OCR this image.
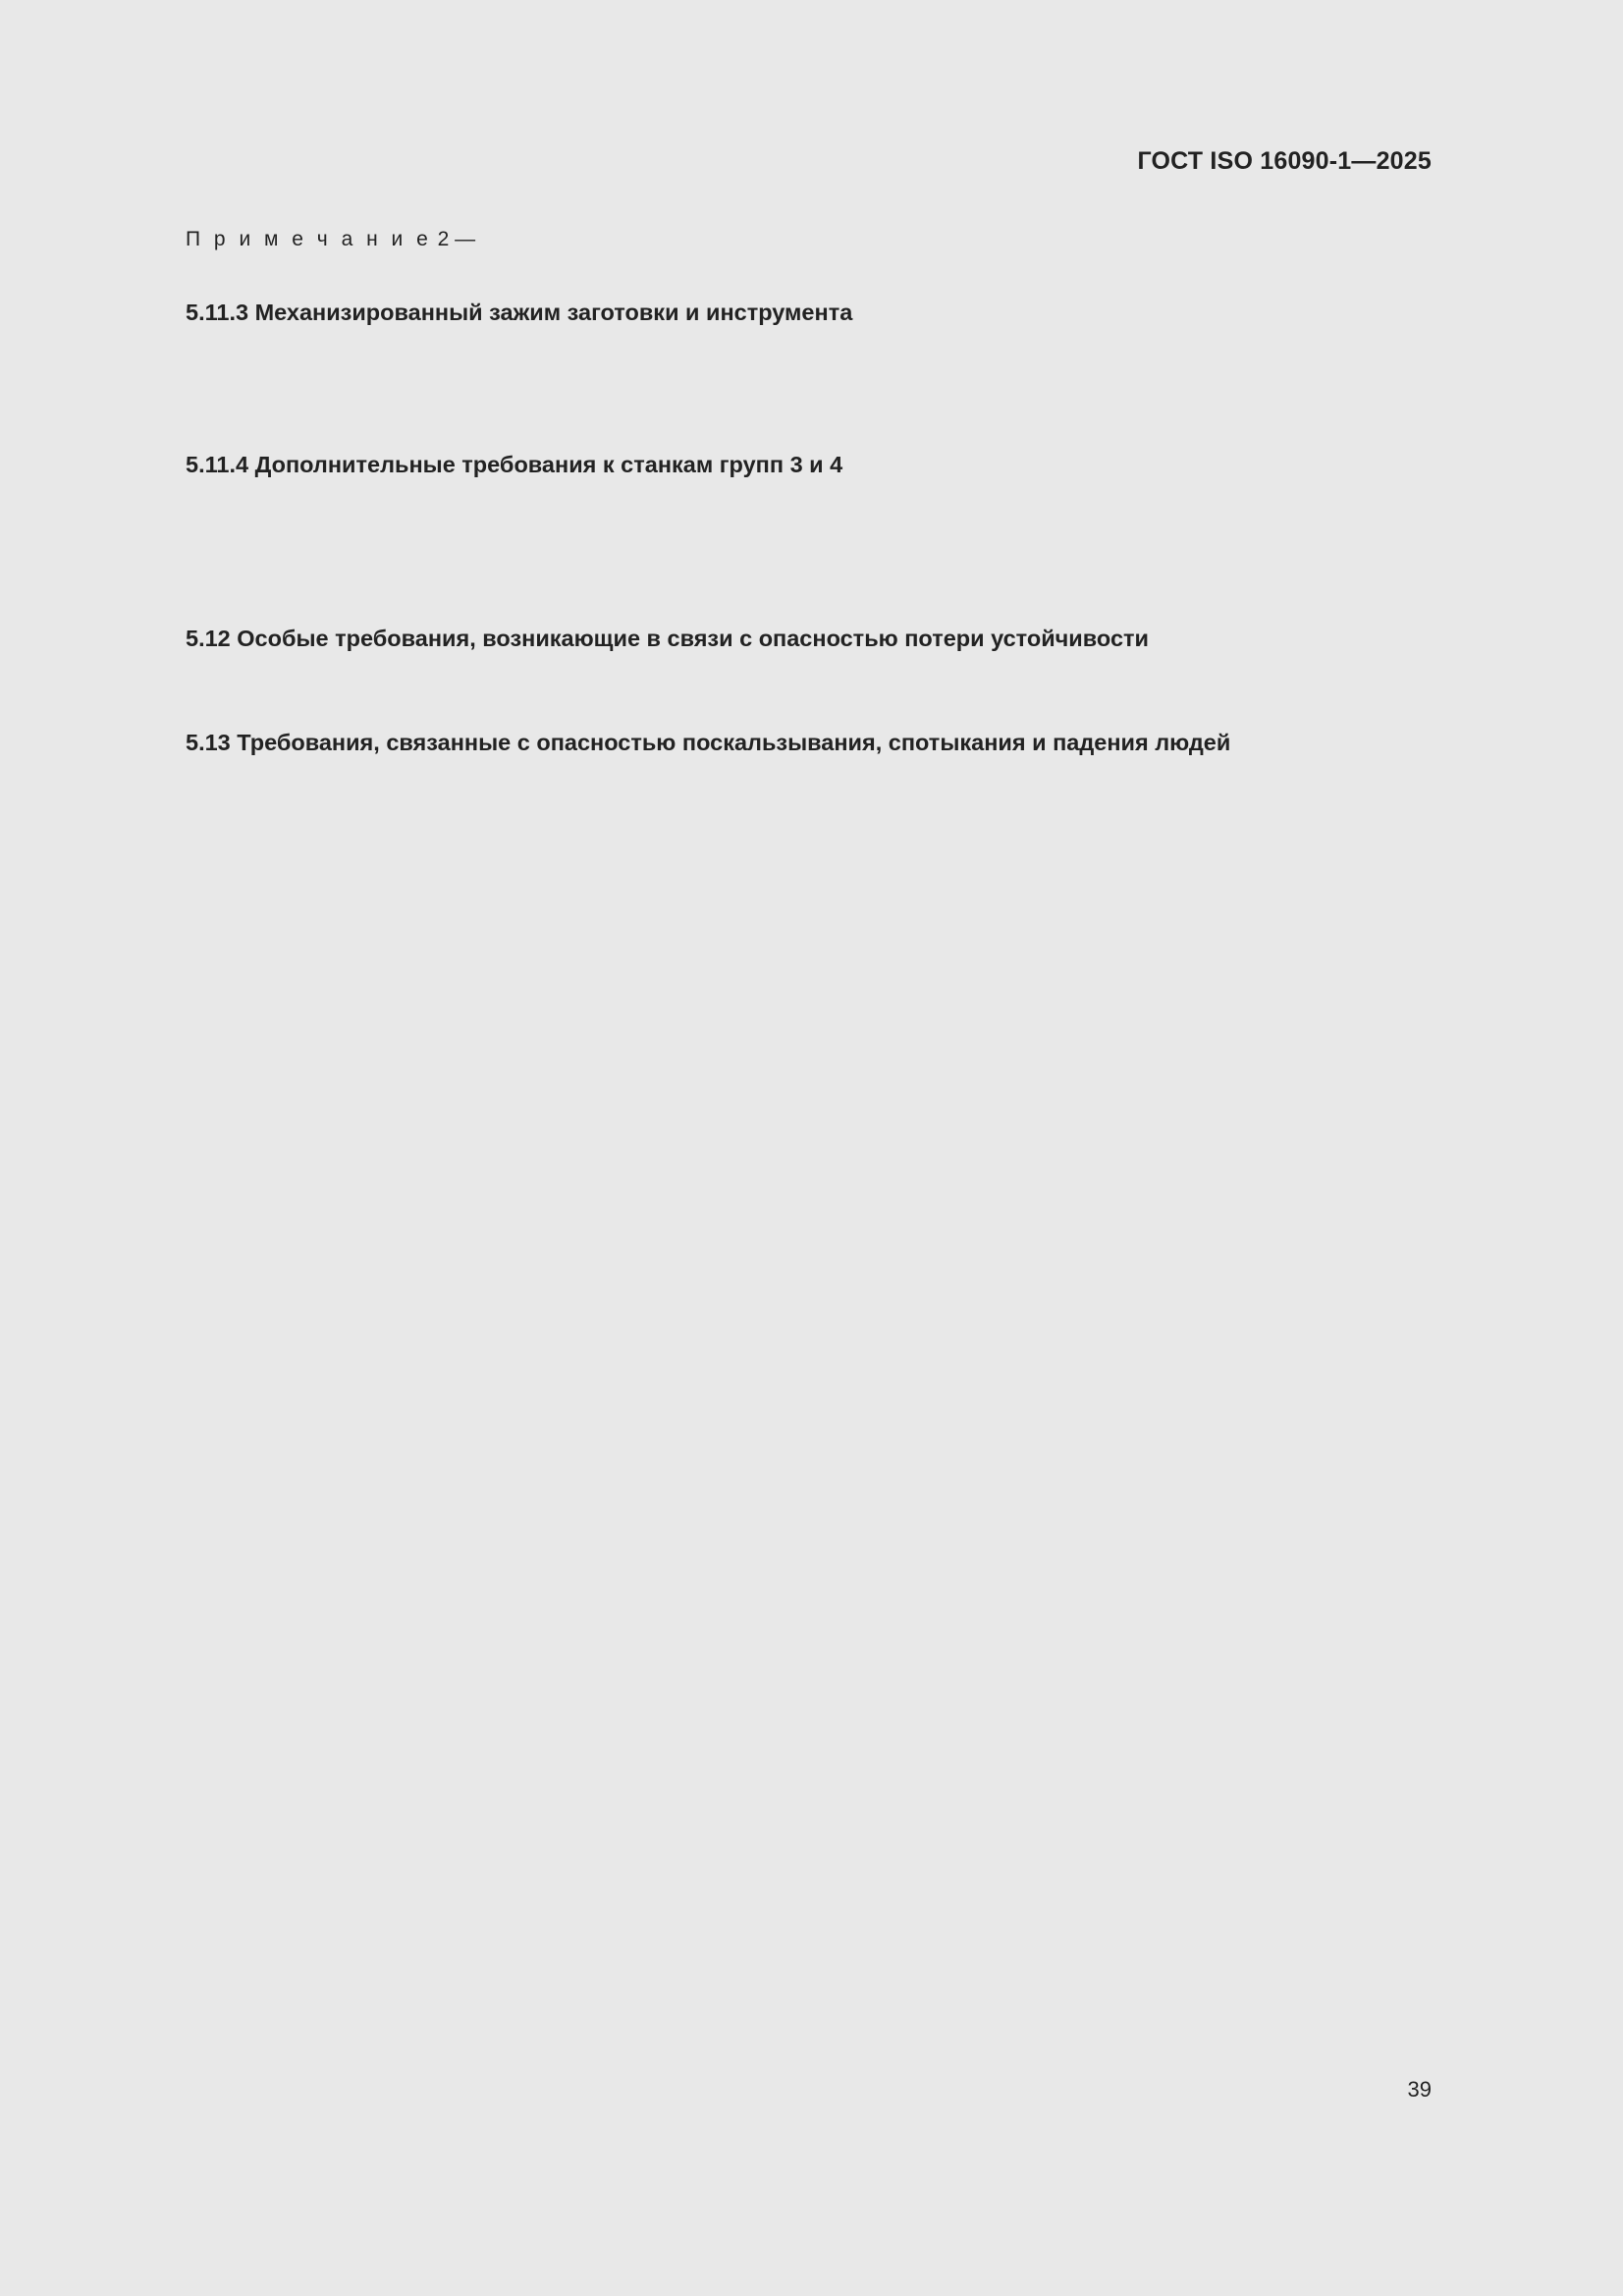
ГОСТ ISO 16090-1—2025

П р и м е ч а н и е 2 —

5.11.3 Механизированный зажим заготовки и инструмента

5.11.4 Дополнительные требования к станкам групп 3 и 4

5.12 Особые требования, возникающие в связи с опасностью потери устойчивости

5.13 Требования, связанные с опасностью поскальзывания, спотыкания и падения людей

39
